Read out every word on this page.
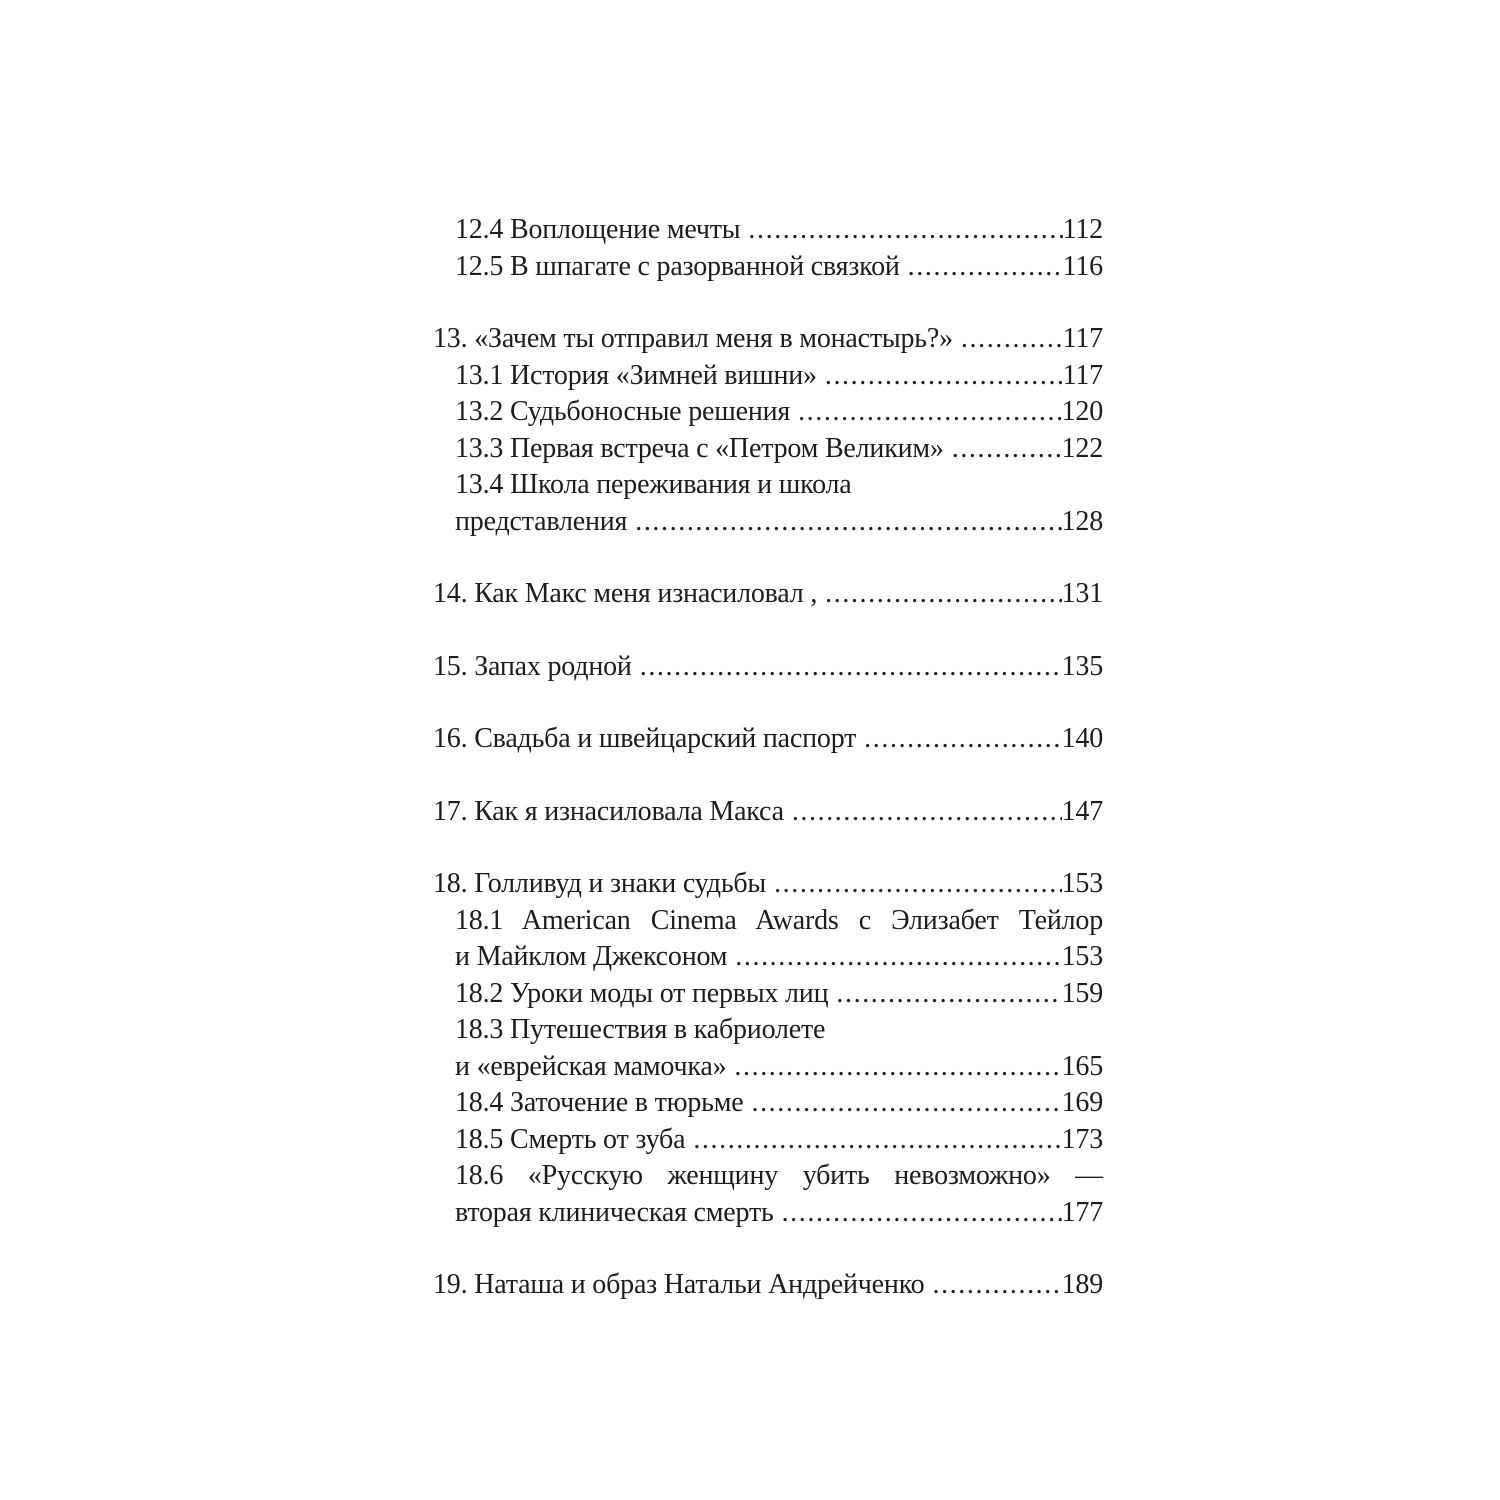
12.4 Воплощение мечты .....	112
12.5 В шпагате с разорванной связкой .....	116
13. «Зачем ты отправил меня в монастырь?» .....	117
13.1 История «Зимней вишни» .....	117
13.2 Судьбоносные решения .....	120
13.3 Первая встреча с «Петром Великим» .....	122
13.4 Школа переживания и школа
представления .....	128
14. Как Макс меня изнасиловал , .....	131
15. Запах родной .....	135
16. Свадьба и швейцарский паспорт .....	140
17. Как я изнасиловала Макса .....	147
18. Голливуд и знаки судьбы .....	153
18.1 American Cinema Awards с Элизабет Тейлор
и Майклом Джексоном .....	153
18.2 Уроки моды от первых лиц .....	159
18.3 Путешествия в кабриолете
и «еврейская мамочка» .....	165
18.4 Заточение в тюрьме .....	169
18.5 Смерть от зуба .....	173
18.6 «Русскую женщину убить невозможно» —
вторая клиническая смерть .....	177
19. Наташа и образ Натальи Андрейченко .....	189
